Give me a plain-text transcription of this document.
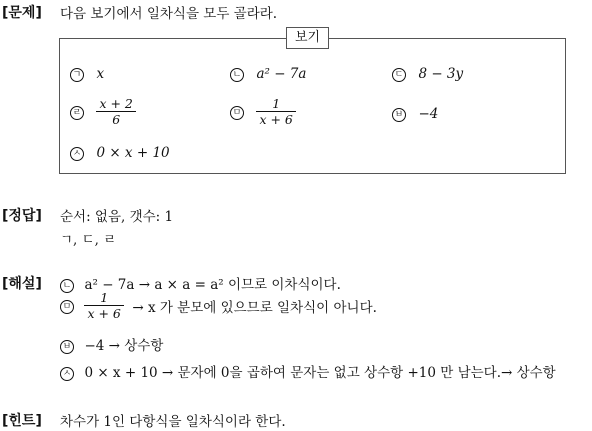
[문제] 다음 보기에서 일차식을 모두 골라라.
보기
ㄱ x	ㄴ a² − 7a	ㄷ 8 − 3y
ㄹ $\frac{x + 2}{6}$	ㅁ $\frac{1}{x + 6}$	ㅂ −4
ㅅ 0 × x + 10
[정답] 순서: 없음, 갯수: 1
ㄱ, ㄷ, ㄹ
[해설] ㄴ a² − 7a → a × a = a² 이므로 이차식이다.
ㅁ $\frac{1}{x + 6} \to x$ 가 분모에 있으므로 일차식이 아니다.
ㅂ −4 → 상수항
ㅅ 0 × x + 10 → 문자에 0을 곱하여 문자는 없고 상수항 +10 만 남는다.→ 상수항
[힌트] 차수가 1인 다항식을 일차식이라 한다.
